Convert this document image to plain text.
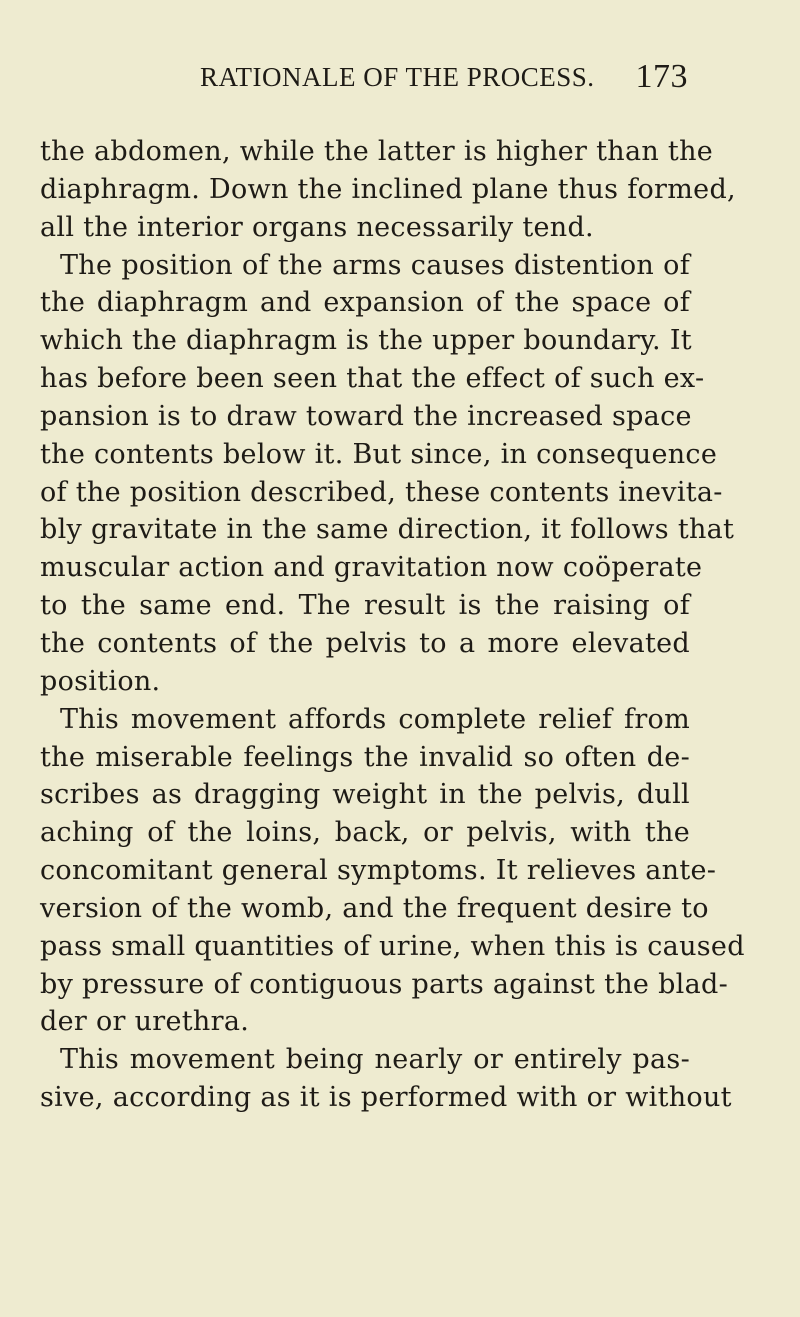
RATIONALE OF THE PROCESS. 173
the abdomen, while the latter is higher than the
diaphragm. Down the inclined plane thus formed,
all the interior organs necessarily tend.
The position of the arms causes distention of
the diaphragm and expansion of the space of
which the diaphragm is the upper boundary. It
has before been seen that the effect of such ex-
pansion is to draw toward the increased space
the contents below it. But since, in consequence
of the position described, these contents inevita-
bly gravitate in the same direction, it follows that
muscular action and gravitation now coöperate
to the same end. The result is the raising of
the contents of the pelvis to a more elevated
position.
This movement affords complete relief from
the miserable feelings the invalid so often de-
scribes as dragging weight in the pelvis, dull
aching of the loins, back, or pelvis, with the
concomitant general symptoms. It relieves ante-
version of the womb, and the frequent desire to
pass small quantities of urine, when this is caused
by pressure of contiguous parts against the blad-
der or urethra.
This movement being nearly or entirely pas-
sive, according as it is performed with or without
